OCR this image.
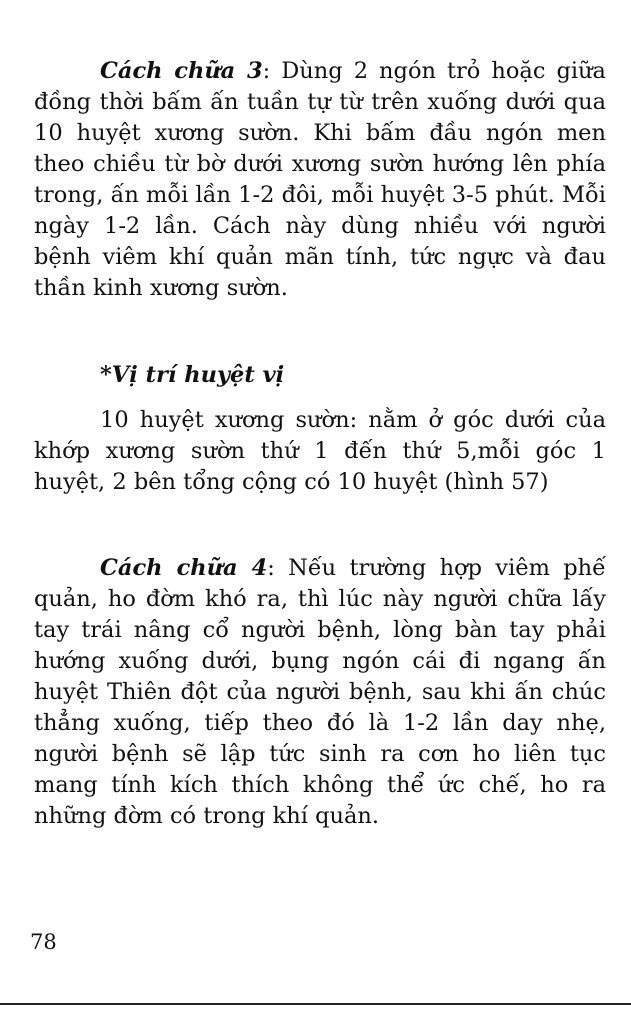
Cách chữa 3: Dùng 2 ngón trỏ hoặc giữa đồng thời bấm ấn tuần tự từ trên xuống dưới qua 10 huyệt xương sườn. Khi bấm đầu ngón men theo chiều từ bờ dưới xương sườn hướng lên phía trong, ấn mỗi lần 1-2 đôi, mỗi huyệt 3-5 phút. Mỗi ngày 1-2 lần. Cách này dùng nhiều với người bệnh viêm khí quản mãn tính, tức ngực và đau thần kinh xương sườn.
*Vị trí huyệt vị
10 huyệt xương sườn: nằm ở góc dưới của khớp xương sườn thứ 1 đến thứ 5,mỗi góc 1 huyệt, 2 bên tổng cộng có 10 huyệt (hình 57)
Cách chữa 4: Nếu trường hợp viêm phế quản, ho đờm khó ra, thì lúc này người chữa lấy tay trái nâng cổ người bệnh, lòng bàn tay phải hướng xuống dưới, bụng ngón cái đi ngang ấn huyệt Thiên đột của người bệnh, sau khi ấn chúc thẳng xuống, tiếp theo đó là 1-2 lần day nhẹ, người bệnh sẽ lập tức sinh ra cơn ho liên tục mang tính kích thích không thể ức chế, ho ra những đờm có trong khí quản.
78
